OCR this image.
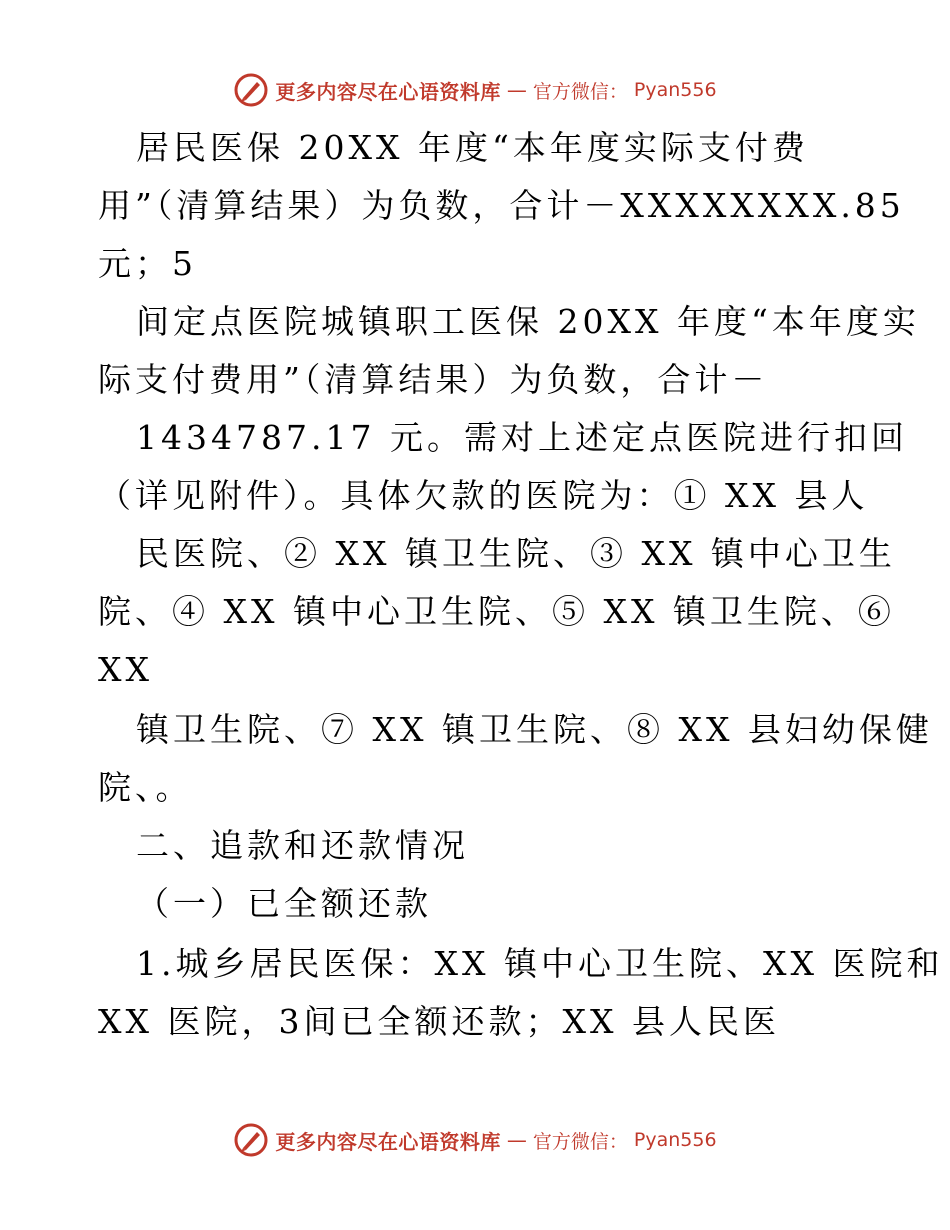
更多内容尽在心语资料库 — 官方微信： Pyan556
居民医保 20XX 年度“本年度实际支付费
用”（清算结果）为负数，合计－XXXXXXXX.85
元；5
间定点医院城镇职工医保 20XX 年度“本年度实
际支付费用”（清算结果）为负数，合计－
1434787.17 元。需对上述定点医院进行扣回
（详见附件）。具体欠款的医院为：① XX 县人
民医院、② XX 镇卫生院、③ XX 镇中心卫生
院、④ XX 镇中心卫生院、⑤ XX 镇卫生院、⑥
XX
镇卫生院、⑦ XX 镇卫生院、⑧ XX 县妇幼保健
院、。
二、追款和还款情况
（一）已全额还款
1.城乡居民医保：XX 镇中心卫生院、XX 医院和
XX 医院，3间已全额还款；XX 县人民医
更多内容尽在心语资料库 — 官方微信： Pyan556
